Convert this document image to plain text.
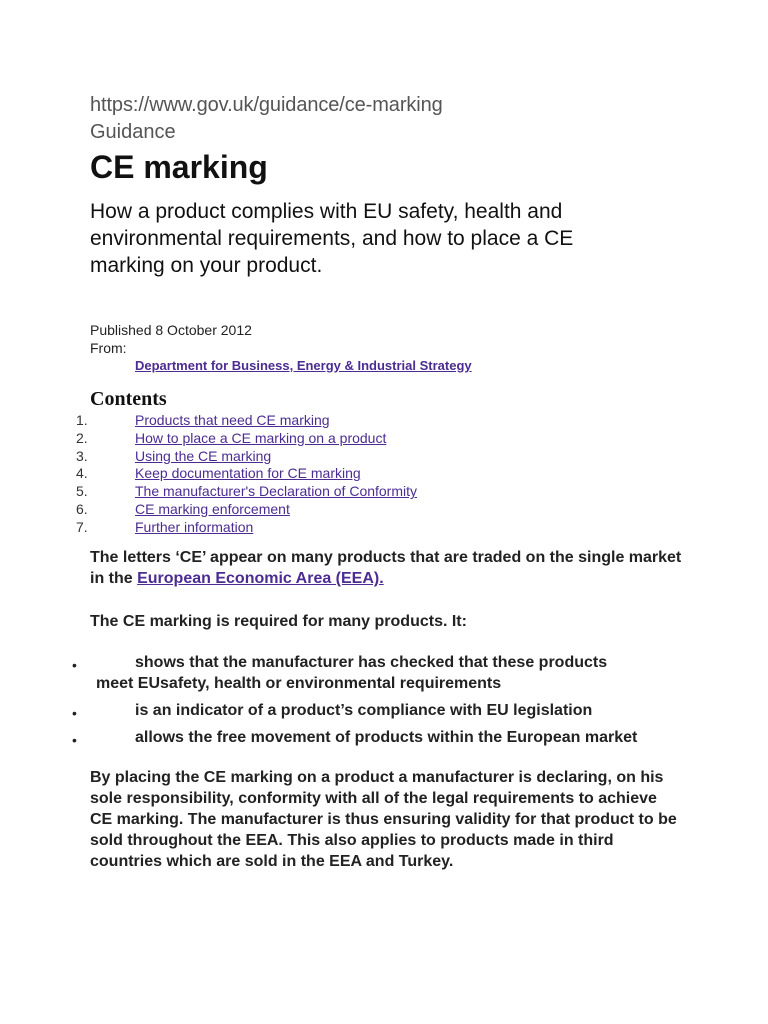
https://www.gov.uk/guidance/ce-marking
Guidance
CE marking

How a product complies with EU safety, health and environmental requirements, and how to place a CE marking on your product.

Published 8 October 2012
From:
Department for Business, Energy & Industrial Strategy
Contents
1.	Products that need CE marking
2.	How to place a CE marking on a product
3.	Using the CE marking
4.	Keep documentation for CE marking
5.	The manufacturer's Declaration of Conformity
6.	CE marking enforcement
7.	Further information

The letters ‘CE’ appear on many products that are traded on the single market in the European Economic Area (EEA).

The CE marking is required for many products. It:

•	shows that the manufacturer has checked that these products
meet EUsafety, health or environmental requirements
•	is an indicator of a product’s compliance with EU legislation
•	allows the free movement of products within the European market

By placing the CE marking on a product a manufacturer is declaring, on his sole responsibility, conformity with all of the legal requirements to achieve CE marking. The manufacturer is thus ensuring validity for that product to be sold throughout the EEA. This also applies to products made in third countries which are sold in the EEA and Turkey.
